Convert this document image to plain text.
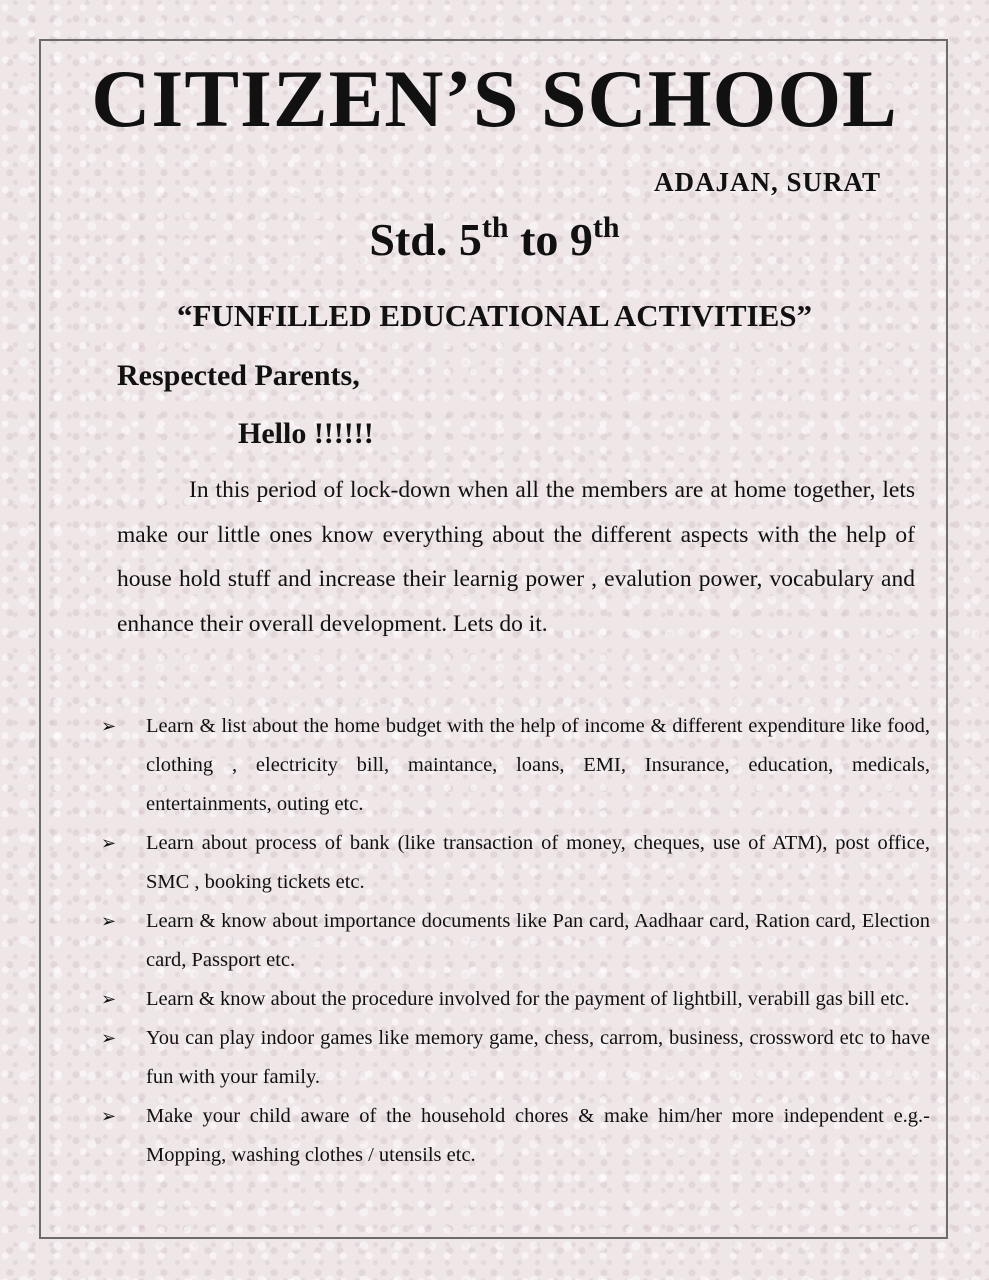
CITIZEN’S SCHOOL
ADAJAN, SURAT
Std. 5th to 9th
“FUNFILLED EDUCATIONAL ACTIVITIES”
Respected Parents,
Hello !!!!!!

In this period of lock-down when all the members are at home together, lets make our little ones know everything about the different aspects with the help of house hold stuff and increase their learnig power , evalution power, vocabulary and enhance their overall development. Lets do it.

➢ Learn & list about the home budget with the help of income & different expenditure like food, clothing , electricity bill, maintance, loans, EMI, Insurance, education, medicals, entertainments, outing etc.
➢ Learn about process of bank (like transaction of money, cheques, use of ATM), post office, SMC , booking tickets etc.
➢ Learn & know about importance documents like Pan card, Aadhaar card, Ration card, Election card, Passport etc.
➢ Learn & know about the procedure involved for the payment of lightbill, verabill gas bill etc.
➢ You can play indoor games like memory game, chess, carrom, business, crossword etc to have fun with your family.
➢ Make your child aware of the household chores & make him/her more independent e.g.-Mopping, washing clothes / utensils etc.
